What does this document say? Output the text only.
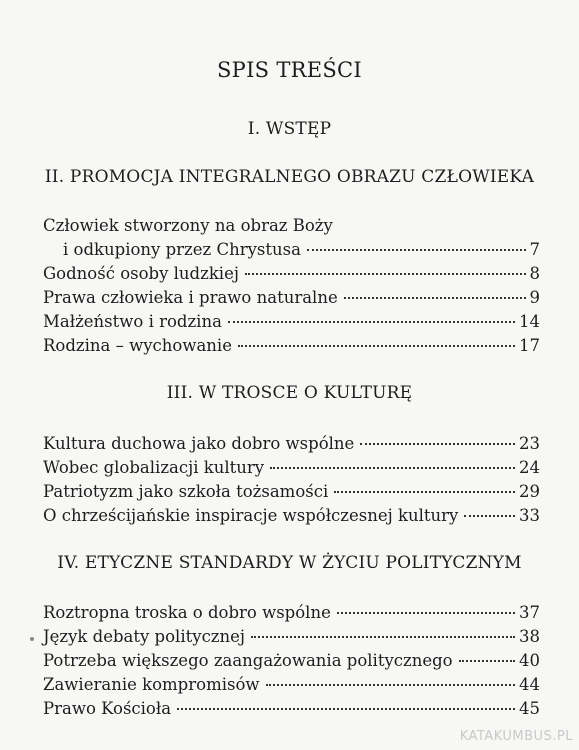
SPIS TREŚCI
I. WSTĘP
II. PROMOCJA INTEGRALNEGO OBRAZU CZŁOWIEKA
Człowiek stworzony na obraz Boży
i odkupiony przez Chrystusa	7
Godność osoby ludzkiej	8
Prawa człowieka i prawo naturalne	9
Małżeństwo i rodzina	14
Rodzina – wychowanie	17
III. W TROSCE O KULTURĘ
Kultura duchowa jako dobro wspólne	23
Wobec globalizacji kultury	24
Patriotyzm jako szkoła tożsamości	29
O chrześcijańskie inspiracje współczesnej kultury	33
IV. ETYCZNE STANDARDY W ŻYCIU POLITYCZNYM
Roztropna troska o dobro wspólne	37
Język debaty politycznej	38
Potrzeba większego zaangażowania politycznego	40
Zawieranie kompromisów	44
Prawo Kościoła	45
KATAKUMBUS.PL
